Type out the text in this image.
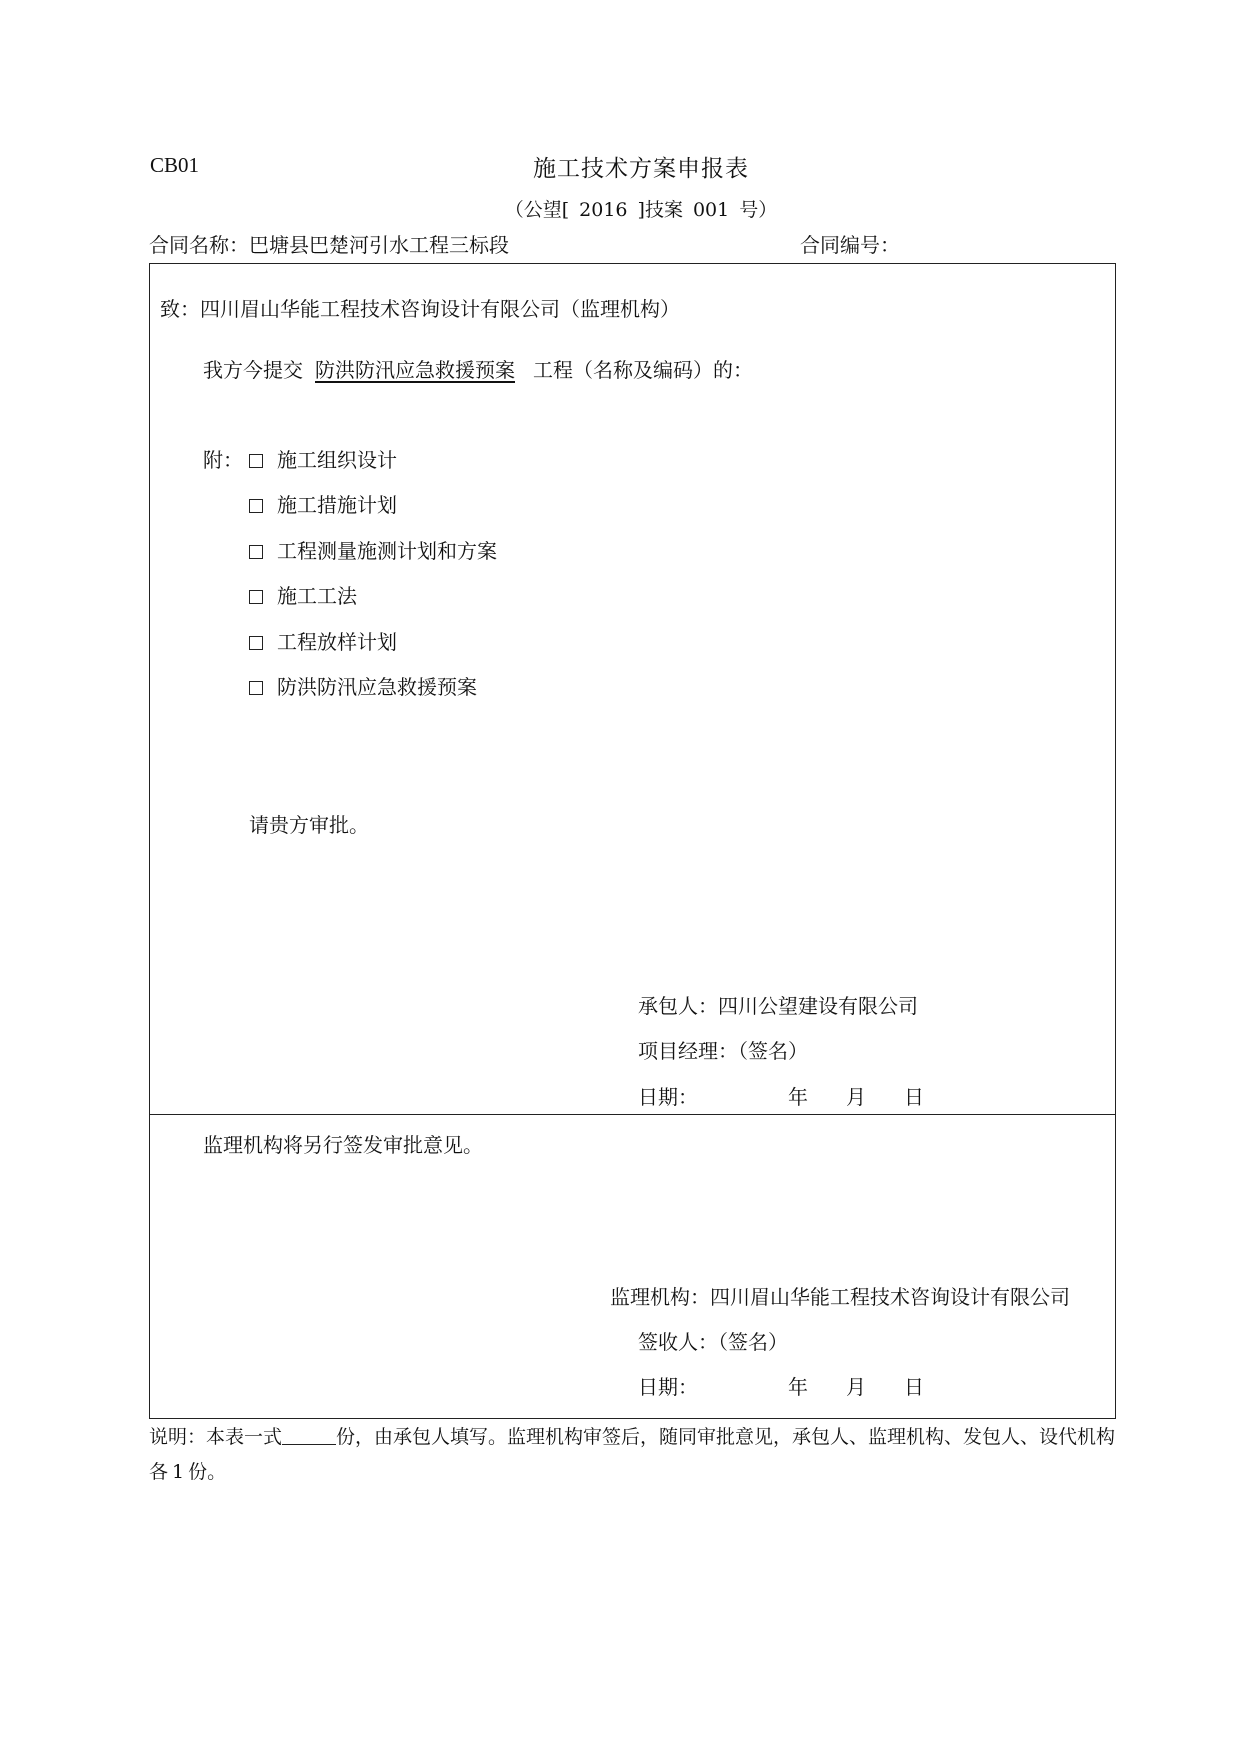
CB01	施工技术方案申报表
（公望[ 2016 ]技案 001 号）
合同名称：巴塘县巴楚河引水工程三标段	合同编号：
致：四川眉山华能工程技术咨询设计有限公司（监理机构）
我方今提交 防洪防汛应急救援预案 工程（名称及编码）的：
附：	施工组织设计
施工措施计划
工程测量施测计划和方案
施工工法
工程放样计划
防洪防汛应急救援预案
请贵方审批。
承包人：四川公望建设有限公司
项目经理：（签名）
日期：	年 月 日
监理机构将另行签发审批意见。
监理机构：四川眉山华能工程技术咨询设计有限公司
签收人：（签名）
日期：	年 月 日
说明：本表一式	份，由承包人填写。监理机构审签后，随同审批意见，承包人、监理机构、发包人、设代机构各 1 份。
